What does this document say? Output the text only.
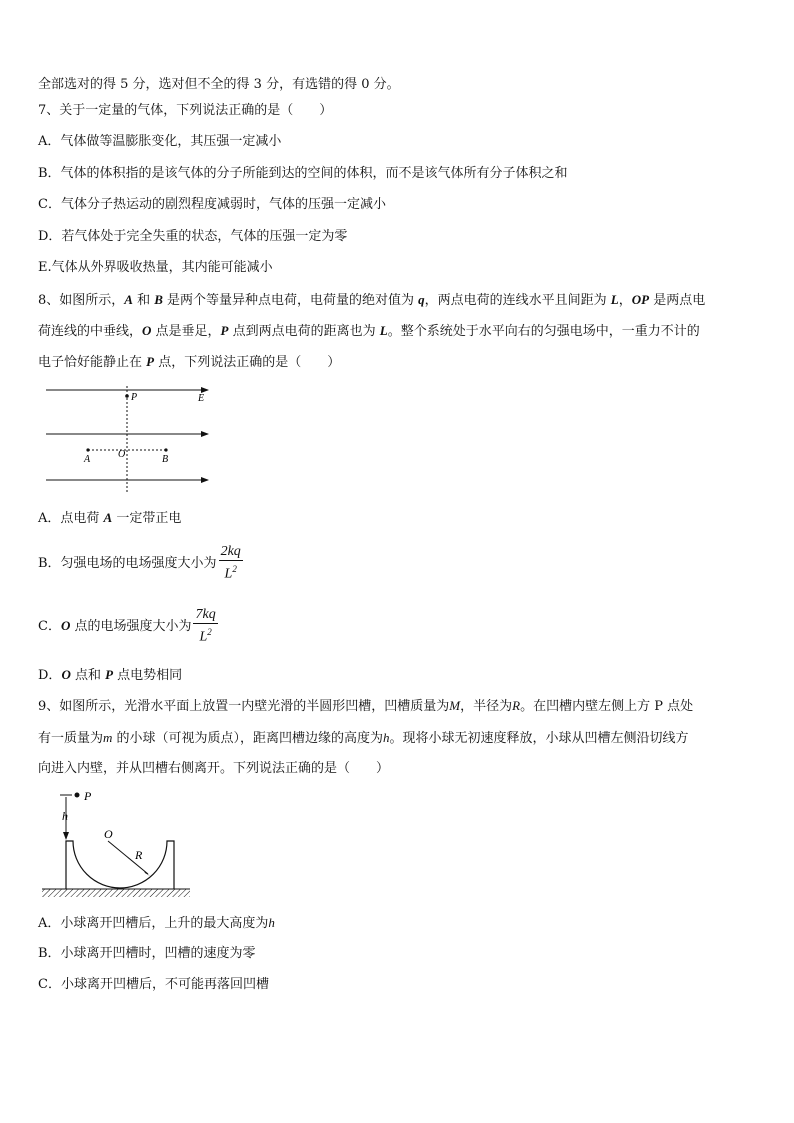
全部选对的得 5 分，选对但不全的得 3 分，有选错的得 0 分。
7、关于一定量的气体，下列说法正确的是（　　）
A．气体做等温膨胀变化，其压强一定减小
B．气体的体积指的是该气体的分子所能到达的空间的体积，而不是该气体所有分子体积之和
C．气体分子热运动的剧烈程度减弱时，气体的压强一定减小
D．若气体处于完全失重的状态，气体的压强一定为零
E.气体从外界吸收热量，其内能可能减小
8、如图所示，A 和 B 是两个等量异种点电荷，电荷量的绝对值为 q，两点电荷的连线水平且间距为 L，OP 是两点电
荷连线的中垂线，O 点是垂足，P 点到两点电荷的距离也为 L。整个系统处于水平向右的匀强电场中，一重力不计的
电子恰好能静止在 P 点，下列说法正确的是（　　）
P	E
A	O	B
A．点电荷 A 一定带正电
B．匀强电场的电场强度大小为 $\frac{2kq}{L^2}$
C．O 点的电场强度大小为 $\frac{7kq}{L^2}$
D．O 点和 P 点电势相同
9、如图所示，光滑水平面上放置一内壁光滑的半圆形凹槽，凹槽质量为M，半径为R。在凹槽内壁左侧上方 P 点处
有一质量为m 的小球（可视为质点），距离凹槽边缘的高度为h。现将小球无初速度释放，小球从凹槽左侧沿切线方
向进入内壁，并从凹槽右侧离开。下列说法正确的是（　　）
P
h
O
R
A．小球离开凹槽后，上升的最大高度为h
B．小球离开凹槽时，凹槽的速度为零
C．小球离开凹槽后，不可能再落回凹槽
